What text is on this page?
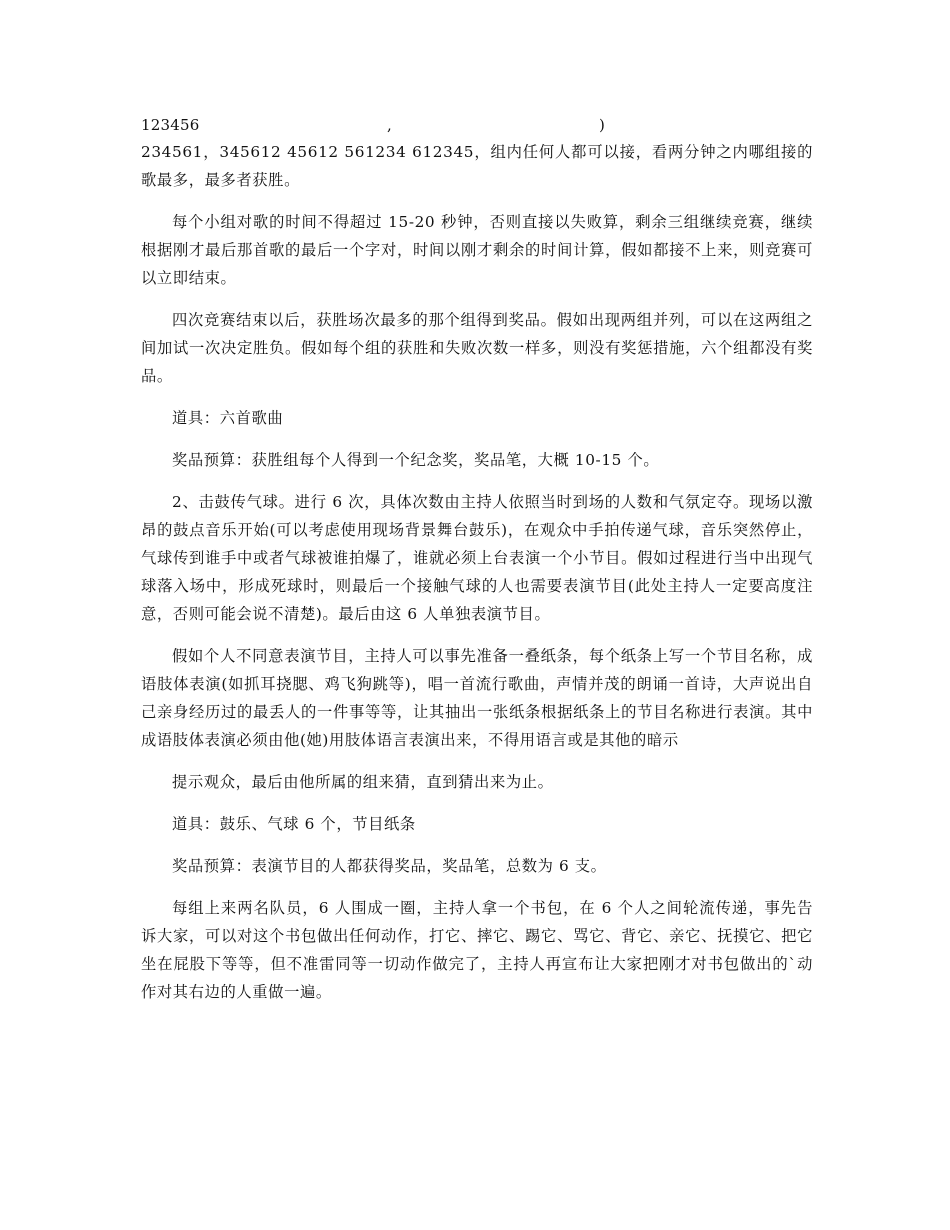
123456	,	)

234561，345612 45612 561234 612345，组内任何人都可以接，看两分钟之内哪组接的歌最多，最多者获胜。

每个小组对歌的时间不得超过 15-20 秒钟，否则直接以失败算，剩余三组继续竞赛，继续根据刚才最后那首歌的最后一个字对，时间以刚才剩余的时间计算，假如都接不上来，则竞赛可以立即结束。

四次竞赛结束以后，获胜场次最多的那个组得到奖品。假如出现两组并列，可以在这两组之间加试一次决定胜负。假如每个组的获胜和失败次数一样多，则没有奖惩措施，六个组都没有奖品。

道具：六首歌曲

奖品预算：获胜组每个人得到一个纪念奖，奖品笔，大概 10-15 个。

2、击鼓传气球。进行 6 次，具体次数由主持人依照当时到场的人数和气氛定夺。现场以激昂的鼓点音乐开始(可以考虑使用现场背景舞台鼓乐)，在观众中手拍传递气球，音乐突然停止，气球传到谁手中或者气球被谁拍爆了，谁就必须上台表演一个小节目。假如过程进行当中出现气球落入场中，形成死球时，则最后一个接触气球的人也需要表演节目(此处主持人一定要高度注意，否则可能会说不清楚)。最后由这 6 人单独表演节目。

假如个人不同意表演节目，主持人可以事先准备一叠纸条，每个纸条上写一个节目名称，成语肢体表演(如抓耳挠腮、鸡飞狗跳等)，唱一首流行歌曲，声情并茂的朗诵一首诗，大声说出自己亲身经历过的最丢人的一件事等等，让其抽出一张纸条根据纸条上的节目名称进行表演。其中成语肢体表演必须由他(她)用肢体语言表演出来，不得用语言或是其他的暗示

提示观众，最后由他所属的组来猜，直到猜出来为止。

道具：鼓乐、气球 6 个，节目纸条

奖品预算：表演节目的人都获得奖品，奖品笔，总数为 6 支。

每组上来两名队员，6 人围成一圈，主持人拿一个书包，在 6 个人之间轮流传递，事先告诉大家，可以对这个书包做出任何动作，打它、摔它、踢它、骂它、背它、亲它、抚摸它、把它坐在屁股下等等，但不准雷同等一切动作做完了，主持人再宣布让大家把刚才对书包做出的`动作对其右边的人重做一遍。
